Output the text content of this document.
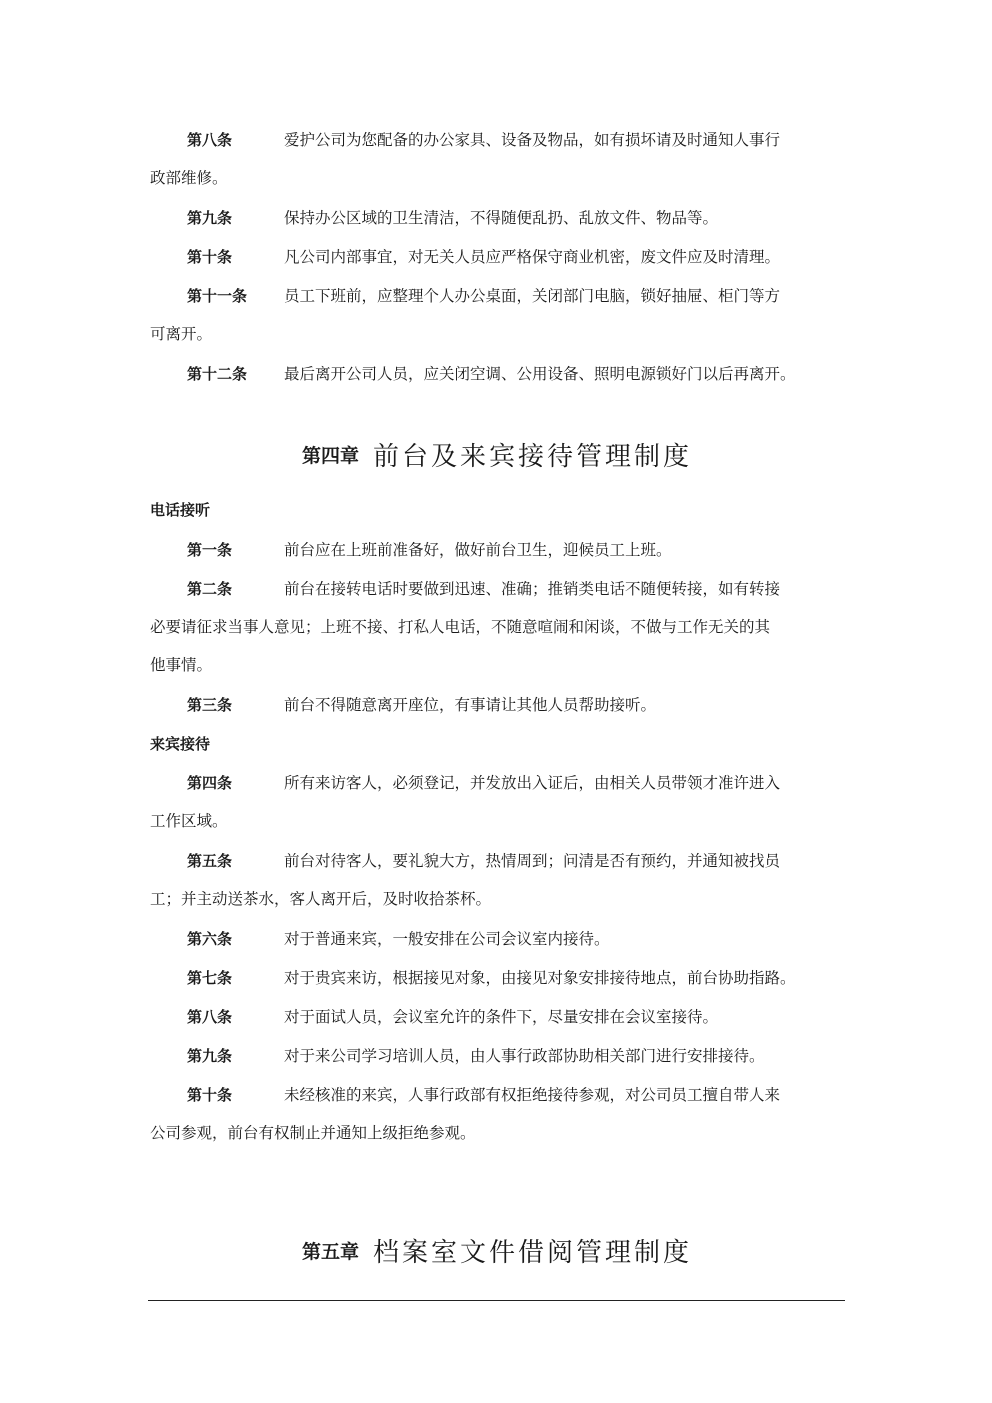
第八条	爱护公司为您配备的办公家具、设备及物品，如有损坏请及时通知人事行
政部维修。
第九条	保持办公区域的卫生清洁，不得随便乱扔、乱放文件、物品等。
第十条	凡公司内部事宜，对无关人员应严格保守商业机密，废文件应及时清理。
第十一条	员工下班前，应整理个人办公桌面，关闭部门电脑，锁好抽屉、柜门等方
可离开。
第十二条	最后离开公司人员，应关闭空调、公用设备、照明电源锁好门以后再离开。
第四章 前台及来宾接待管理制度
电话接听
第一条	前台应在上班前准备好，做好前台卫生，迎候员工上班。
第二条	前台在接转电话时要做到迅速、准确；推销类电话不随便转接，如有转接
必要请征求当事人意见；上班不接、打私人电话，不随意喧闹和闲谈，不做与工作无关的其
他事情。
第三条	前台不得随意离开座位，有事请让其他人员帮助接听。
来宾接待
第四条	所有来访客人，必须登记，并发放出入证后，由相关人员带领才准许进入
工作区域。
第五条	前台对待客人，要礼貌大方，热情周到；问清是否有预约，并通知被找员
工；并主动送茶水，客人离开后，及时收拾茶杯。
第六条	对于普通来宾，一般安排在公司会议室内接待。
第七条	对于贵宾来访，根据接见对象，由接见对象安排接待地点，前台协助指路。
第八条	对于面试人员，会议室允许的条件下，尽量安排在会议室接待。
第九条	对于来公司学习培训人员，由人事行政部协助相关部门进行安排接待。
第十条	未经核准的来宾，人事行政部有权拒绝接待参观，对公司员工擅自带人来
公司参观，前台有权制止并通知上级拒绝参观。
第五章 档案室文件借阅管理制度
